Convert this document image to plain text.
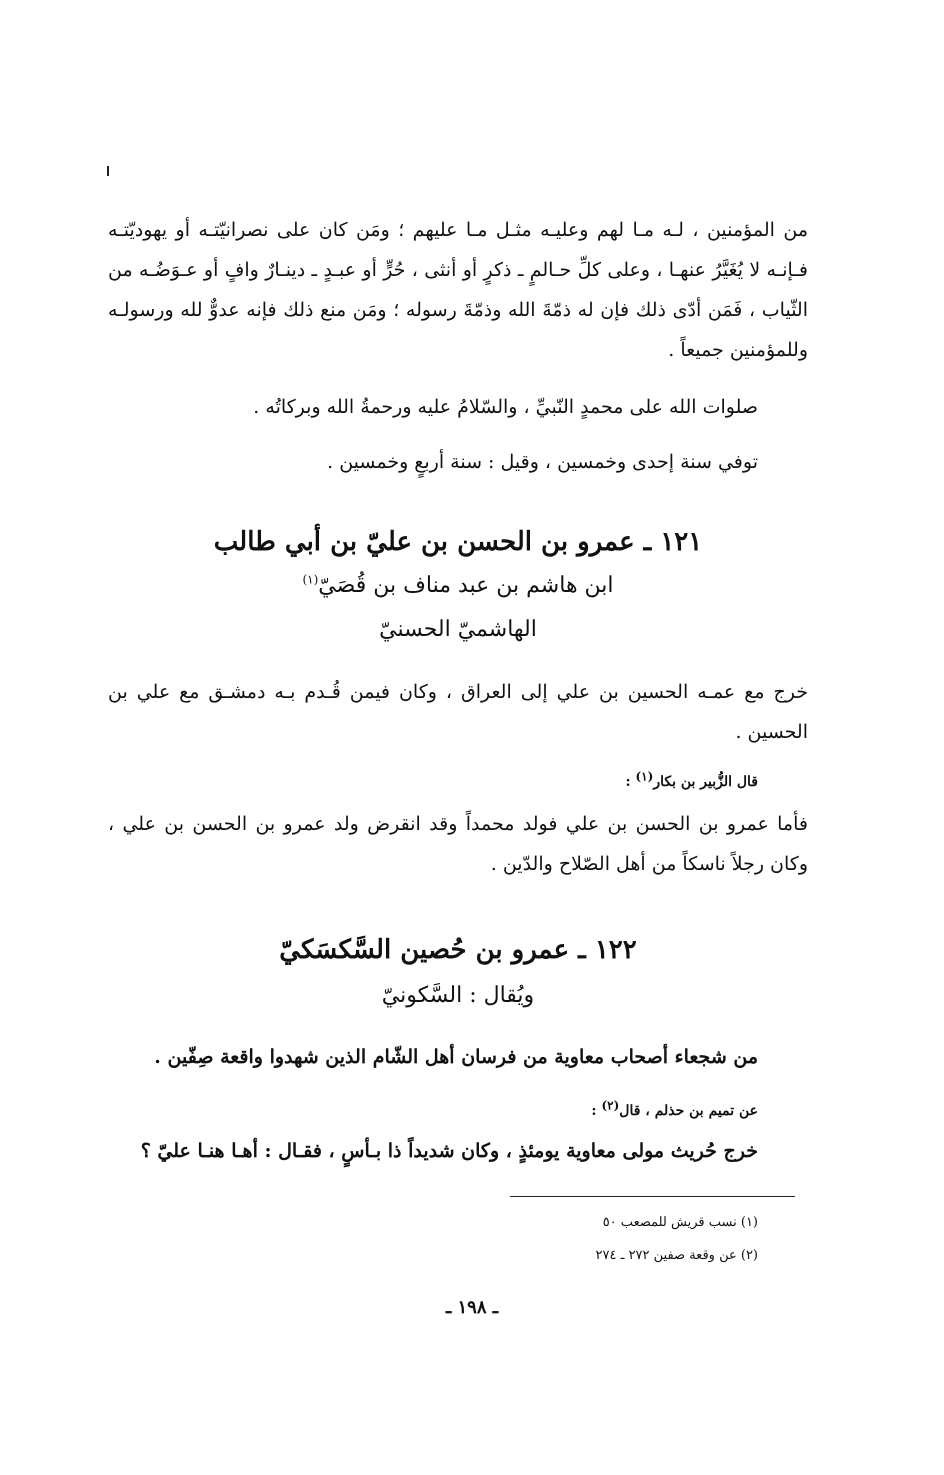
من المؤمنين ، لـه مـا لهم وعليـه مثـل مـا عليهم ؛ ومَن كان على نصرانيّتـه أو يهوديّتـه فـإنـه لا يُغَيَّرُ عنهـا ، وعلى كلِّ حـالمٍ ـ ذكرٍ أو أنثى ، حُرٍّ أو عبـدٍ ـ دينـارٌ وافٍ أو عـوَضُـه من الثّياب ، فَمَن أدّى ذلك فإن له ذمّةَ الله وذمّةَ رسوله ؛ ومَن منع ذلك فإنه عدوٌّ لله ورسولـه وللمؤمنين جميعاً .
صلوات الله على محمدٍ النّبيِّ ، والسّلامُ عليه ورحمةُ الله وبركاتُه .
توفي سنة إحدى وخمسين ، وقيل : سنة أربعٍ وخمسين .
١٢١ ـ عمرو بن الحسن بن عليّ بن أبي طالب
ابن هاشم بن عبد مناف بن قُصَيّ$^{(١)}$
الهاشميّ الحسنيّ
خرج مع عمـه الحسين بن علي إلى العراق ، وكان فيمن قُـدم بـه دمشـق مع علي بن الحسين .
قال الزُّبير بن بكار$^{(١)}$ :
فأما عمرو بن الحسن بن علي فولد محمداً وقد انقرض ولد عمرو بن الحسن بن علي ، وكان رجلاً ناسكاً من أهل الصّلاح والدّين .
١٢٢ ـ عمرو بن حُصين السَّكسَكيّ
ويُقال : السَّكونيّ
من شجعاء أصحاب معاوية من فرسان أهل الشّام الذين شهدوا واقعة صِفّين .
عن تميم بن حذلم ، قال$^{(٢)}$ :
خرج حُريث مولى معاوية يومئذٍ ، وكان شديداً ذا بـأسٍ ، فقـال : أهـا هنـا عليّ ؟
(١) نسب قريش للمصعب ٥٠
(٢) عن وقعة صفين ٢٧٢ ـ ٢٧٤
ـ ١٩٨ ـ
